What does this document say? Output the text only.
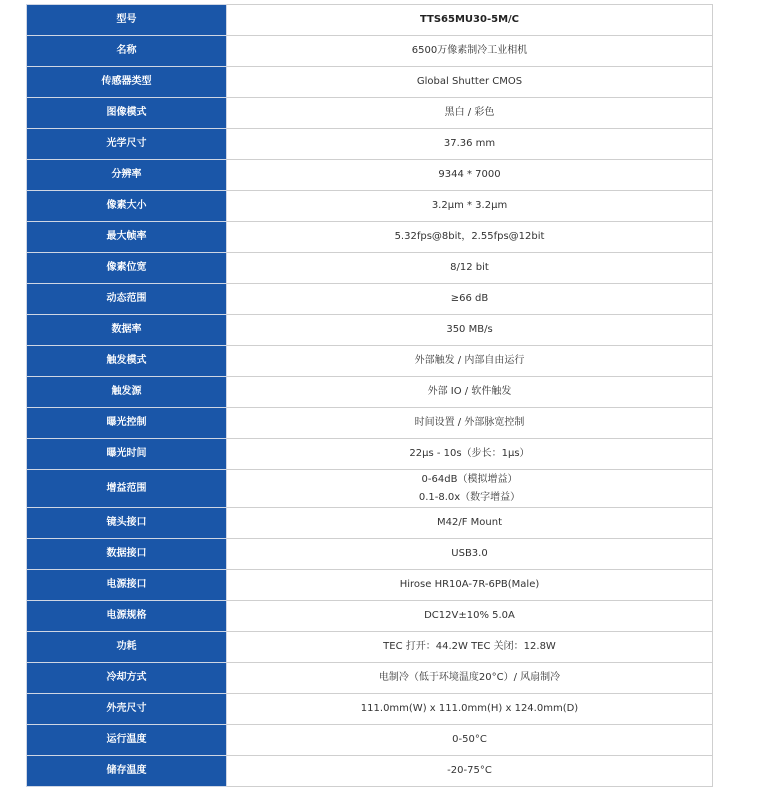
型号	TTS65MU30-5M/C
名称	6500万像素制冷工业相机
传感器类型	Global Shutter CMOS
图像模式	黑白 / 彩色
光学尺寸	37.36 mm
分辨率	9344 * 7000
像素大小	3.2μm * 3.2μm
最大帧率	5.32fps@8bit，2.55fps@12bit
像素位宽	8/12 bit
动态范围	≥66 dB
数据率	350 MB/s
触发模式	外部触发 / 内部自由运行
触发源	外部 IO / 软件触发
曝光控制	时间设置 / 外部脉宽控制
曝光时间	22μs - 10s（步长：1μs）
增益范围	0-64dB（模拟增益）
0.1-8.0x（数字增益）

镜头接口	M42/F Mount
数据接口	USB3.0
电源接口	Hirose HR10A-7R-6PB(Male)
电源规格	DC12V±10% 5.0A
功耗	TEC 打开：44.2W TEC 关闭：12.8W
冷却方式	电制冷（低于环境温度20°C）/ 风扇制冷
外壳尺寸	111.0mm(W) x 111.0mm(H) x 124.0mm(D)
运行温度	0-50°C
储存温度	-20-75°C
